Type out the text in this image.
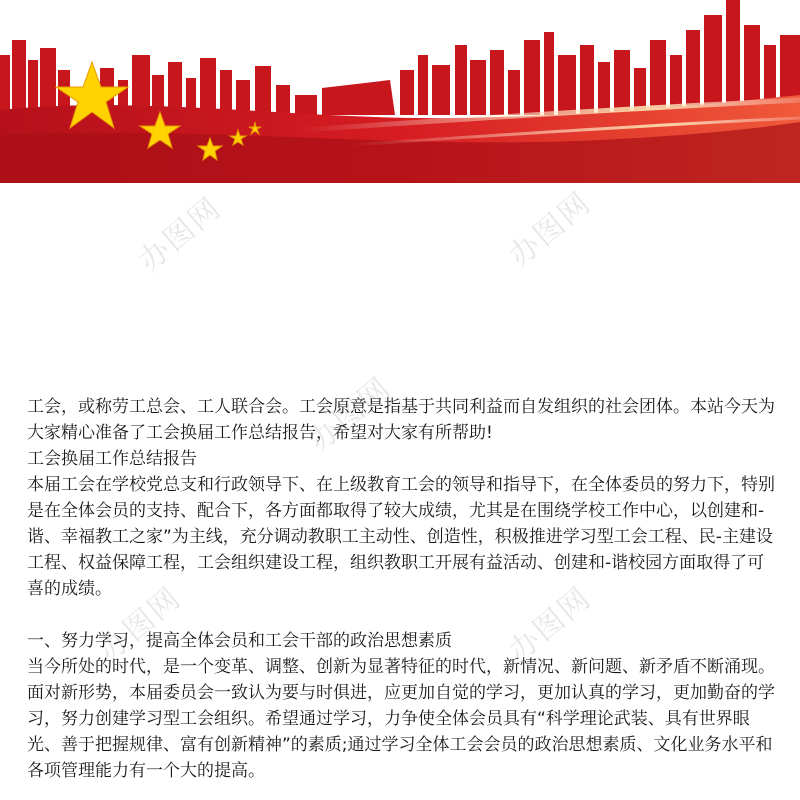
办图网	办图网
办图网
办图网	办图网

工会，或称劳工总会、工人联合会。工会原意是指基于共同利益而自发组织的社会团体。本站今天为大家精心准备了工会换届工作总结报告，希望对大家有所帮助!

工会换届工作总结报告

本届工会在学校党总支和行政领导下、在上级教育工会的领导和指导下，在全体委员的努力下，特别是在全体会员的支持、配合下，各方面都取得了较大成绩，尤其是在围绕学校工作中心，以创建和-谐、幸福教工之家”为主线，充分调动教职工主动性、创造性，积极推进学习型工会工程、民-主建设工程、权益保障工程，工会组织建设工程，组织教职工开展有益活动、创建和-谐校园方面取得了可喜的成绩。

一、努力学习，提高全体会员和工会干部的政治思想素质

当今所处的时代，是一个变革、调整、创新为显著特征的时代，新情况、新问题、新矛盾不断涌现。面对新形势，本届委员会一致认为要与时俱进，应更加自觉的学习，更加认真的学习，更加勤奋的学习，努力创建学习型工会组织。希望通过学习，力争使全体会员具有“科学理论武装、具有世界眼光、善于把握规律、富有创新精神”的素质;通过学习全体工会会员的政治思想素质、文化业务水平和各项管理能力有一个大的提高。
